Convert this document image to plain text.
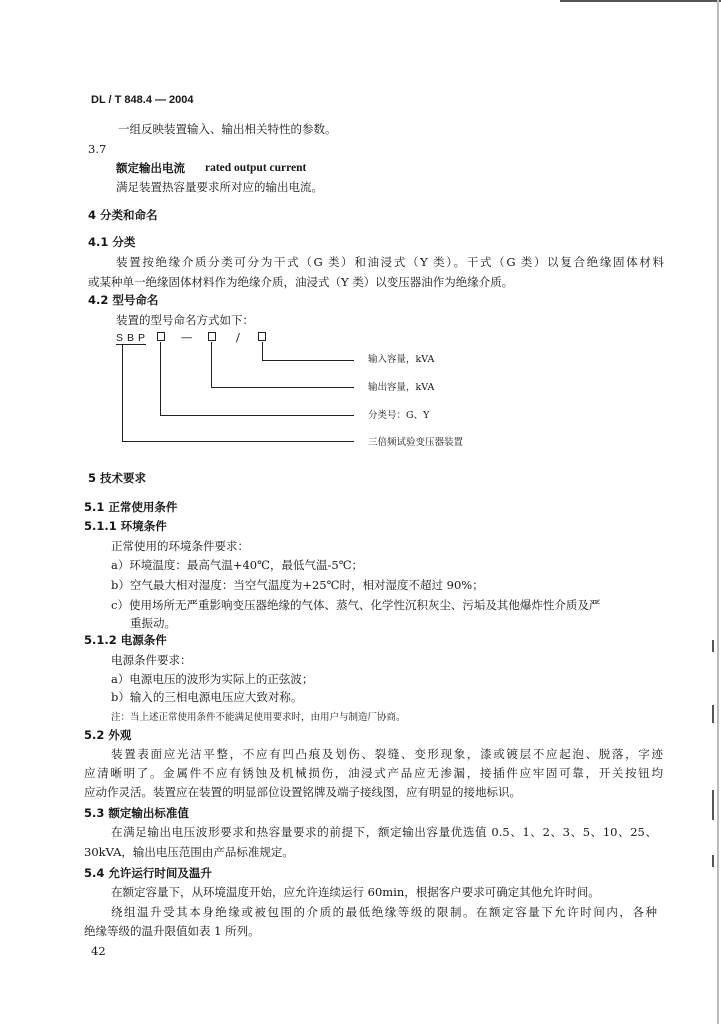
DL / T 848.4 — 2004
一组反映装置输入、输出相关特性的参数。
3.7
额定输出电流 rated output current
满足装置热容量要求所对应的输出电流。
4 分类和命名
4.1 分类
装置按绝缘介质分类可分为干式（G 类）和油浸式（Y 类）。干式（G 类）以复合绝缘固体材料
或某种单一绝缘固体材料作为绝缘介质，油浸式（Y 类）以变压器油作为绝缘介质。
4.2 型号命名
装置的型号命名方式如下：
SBP	—	/
输入容量，kVA
输出容量，kVA
分类号：G、Y
三倍频试验变压器装置
5 技术要求
5.1 正常使用条件
5.1.1 环境条件
正常使用的环境条件要求：
a）环境温度：最高气温+40℃，最低气温-5℃；
b）空气最大相对湿度：当空气温度为+25℃时，相对湿度不超过 90%；
c）使用场所无严重影响变压器绝缘的气体、蒸气、化学性沉积灰尘、污垢及其他爆炸性介质及严
重振动。
5.1.2 电源条件
电源条件要求：
a）电源电压的波形为实际上的正弦波；
b）输入的三相电源电压应大致对称。
注：当上述正常使用条件不能满足使用要求时，由用户与制造厂协商。
5.2 外观
装置表面应光洁平整，不应有凹凸痕及划伤、裂缝、变形现象，漆或镀层不应起泡、脱落，字迹
应清晰明了。金属件不应有锈蚀及机械损伤，油浸式产品应无渗漏，接插件应牢固可靠，开关按钮均
应动作灵活。装置应在装置的明显部位设置铭牌及端子接线图，应有明显的接地标识。
5.3 额定输出标准值
在满足输出电压波形要求和热容量要求的前提下，额定输出容量优选值 0.5、1、2、3、5、10、25、
30kVA，输出电压范围由产品标准规定。
5.4 允许运行时间及温升
在额定容量下，从环境温度开始，应允许连续运行 60min，根据客户要求可确定其他允许时间。
绕组温升受其本身绝缘或被包围的介质的最低绝缘等级的限制。在额定容量下允许时间内，各种
绝缘等级的温升限值如表 1 所列。
42
